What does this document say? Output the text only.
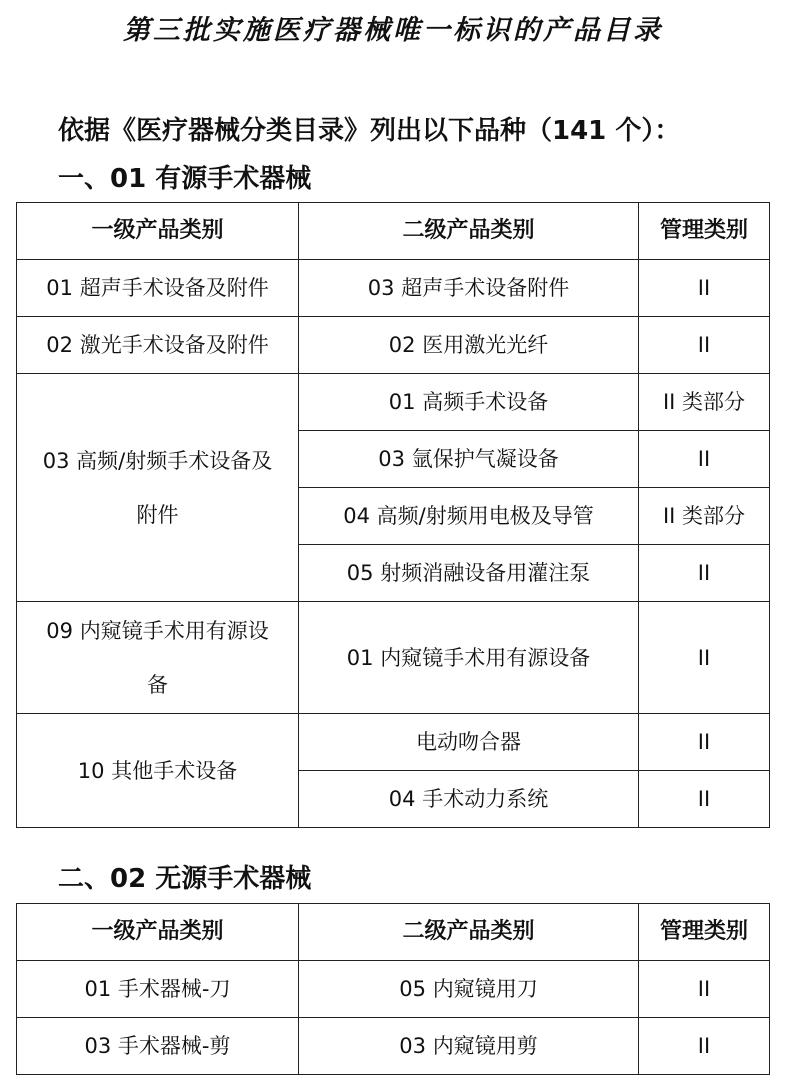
第三批实施医疗器械唯一标识的产品目录
依据《医疗器械分类目录》列出以下品种（141 个）：
一、01 有源手术器械
一级产品类别	二级产品类别	管理类别
01 超声手术设备及附件	03 超声手术设备附件	II
02 激光手术设备及附件	02 医用激光光纤	II
03 高频/射频手术设备及附件	01 高频手术设备	II 类部分
	03 氩保护气凝设备	II
	04 高频/射频用电极及导管	II 类部分
	05 射频消融设备用灌注泵	II
09 内窥镜手术用有源设备	01 内窥镜手术用有源设备	II
10 其他手术设备	电动吻合器	II
	04 手术动力系统	II
二、02 无源手术器械
一级产品类别	二级产品类别	管理类别
01 手术器械-刀	05 内窥镜用刀	II
03 手术器械-剪	03 内窥镜用剪	II
